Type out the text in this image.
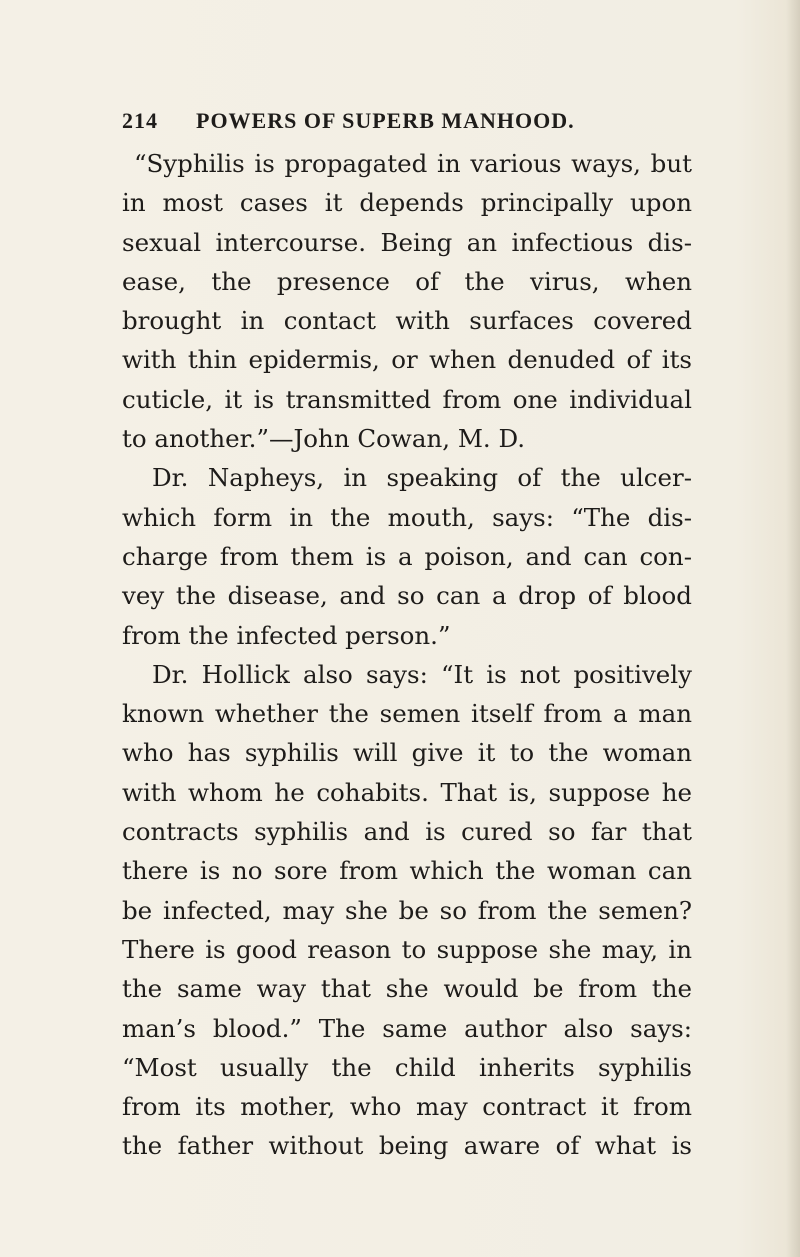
214 POWERS OF SUPERB MANHOOD.
“Syphilis is propagated in various ways, but
in most cases it depends principally upon
sexual intercourse. Being an infectious dis-
ease, the presence of the virus, when
brought in contact with surfaces covered
with thin epidermis, or when denuded of its
cuticle, it is transmitted from one individual
to another.”—John Cowan, M. D.
Dr. Napheys, in speaking of the ulcer-
which form in the mouth, says: “The dis-
charge from them is a poison, and can con-
vey the disease, and so can a drop of blood
from the infected person.”
Dr. Hollick also says: “It is not positively
known whether the semen itself from a man
who has syphilis will give it to the woman
with whom he cohabits. That is, suppose he
contracts syphilis and is cured so far that
there is no sore from which the woman can
be infected, may she be so from the semen?
There is good reason to suppose she may, in
the same way that she would be from the
man’s blood.” The same author also says:
“Most usually the child inherits syphilis
from its mother, who may contract it from
the father without being aware of what is
